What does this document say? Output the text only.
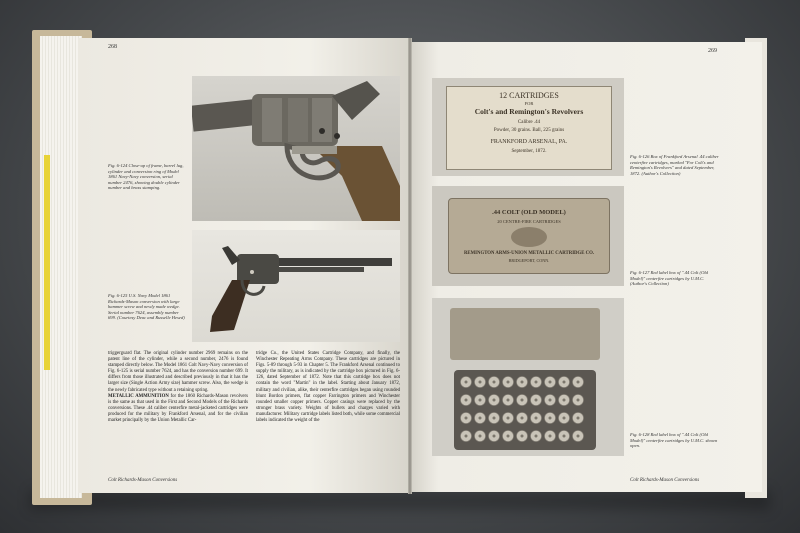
268
Fig. 6-124 Close-up of frame, barrel lug, cylinder and conversion ring of Model 1861 Navy-Navy conversion, serial number 2476, showing double cylinder number and brass stamping.
Fig. 6-125 U.S. Navy Model 1861 Richards-Mason conversion with large hammer screw and newly made wedge. Serial number 7624, assembly number 699. (Courtesy Deac and Russelle Hesed)
triggerguard flat. The original cylinder number 2969 remains on the patent line of the cylinder, while a second number, 2476 is found stamped directly below. The Model 1861 Colt Navy-Navy conversion of Fig. 6-125 is serial number 7624, and has the conversion number 699. It differs from those illustrated and described previously in that it has the larger size (Single Action Army size) hammer screw. Also, the wedge is the newly fabricated type without a retaining spring.
METALLIC AMMUNITION for the 1860 Richards-Mason revolvers is the same as that used in the First and Second Models of the Richards conversions. These .44 caliber centerfire metal-jacketed cartridges were produced for the military by Frankford Arsenal, and for the civilian market principally by the Union Metallic Car-
tridge Co., the United States Cartridge Company, and finally, the Winchester Repeating Arms Company. These cartridges are pictured in Figs. 5-89 through 5-93 in Chapter 5. The Frankford Arsenal continued to supply the military, as is indicated by the cartridge box pictured in Fig. 6-126, dated September of 1872. Note that this cartridge box does not contain the word "Martin" in the label. Starting about January 1872, military and civilian, alike, their centerfire cartridges began using rounded blunt Bordon primers, flat copper Farrington primers and Winchester rounded smaller copper primers. Copper casings were replaced by the stronger brass variety. Weights of bullets and charges varied with manufacturer. Military cartridge labels listed both, while some commercial labels indicated the weight of the
Colt Richards-Mason Conversions
269
12 CARTRIDGES
FOR
Colt's and Remington's Revolvers
Calibre .44
Powder, 30 grains. Ball, 225 grains
FRANKFORD ARSENAL, PA.
September, 1872.
Fig. 6-126 Box of Frankford Arsenal .44 caliber centerfire cartridges, marked "For Colt's and Remington's Revolvers" and dated September, 1872. (Author's Collection)
.44 COLT (OLD MODEL)
20 CENTRE-FIRE CARTRIDGES
REMINGTON ARMS-UNION METALLIC CARTRIDGE CO.
BRIDGEPORT, CONN.
Fig. 6-127 Red label box of ".44 Colt (Old Model)" centerfire cartridges by U.M.C. (Author's Collection)
Fig. 6-128 Red label box of ".44 Colt (Old Model)" centerfire cartridges by U.M.C. shown open.
Colt Richards-Mason Conversions
